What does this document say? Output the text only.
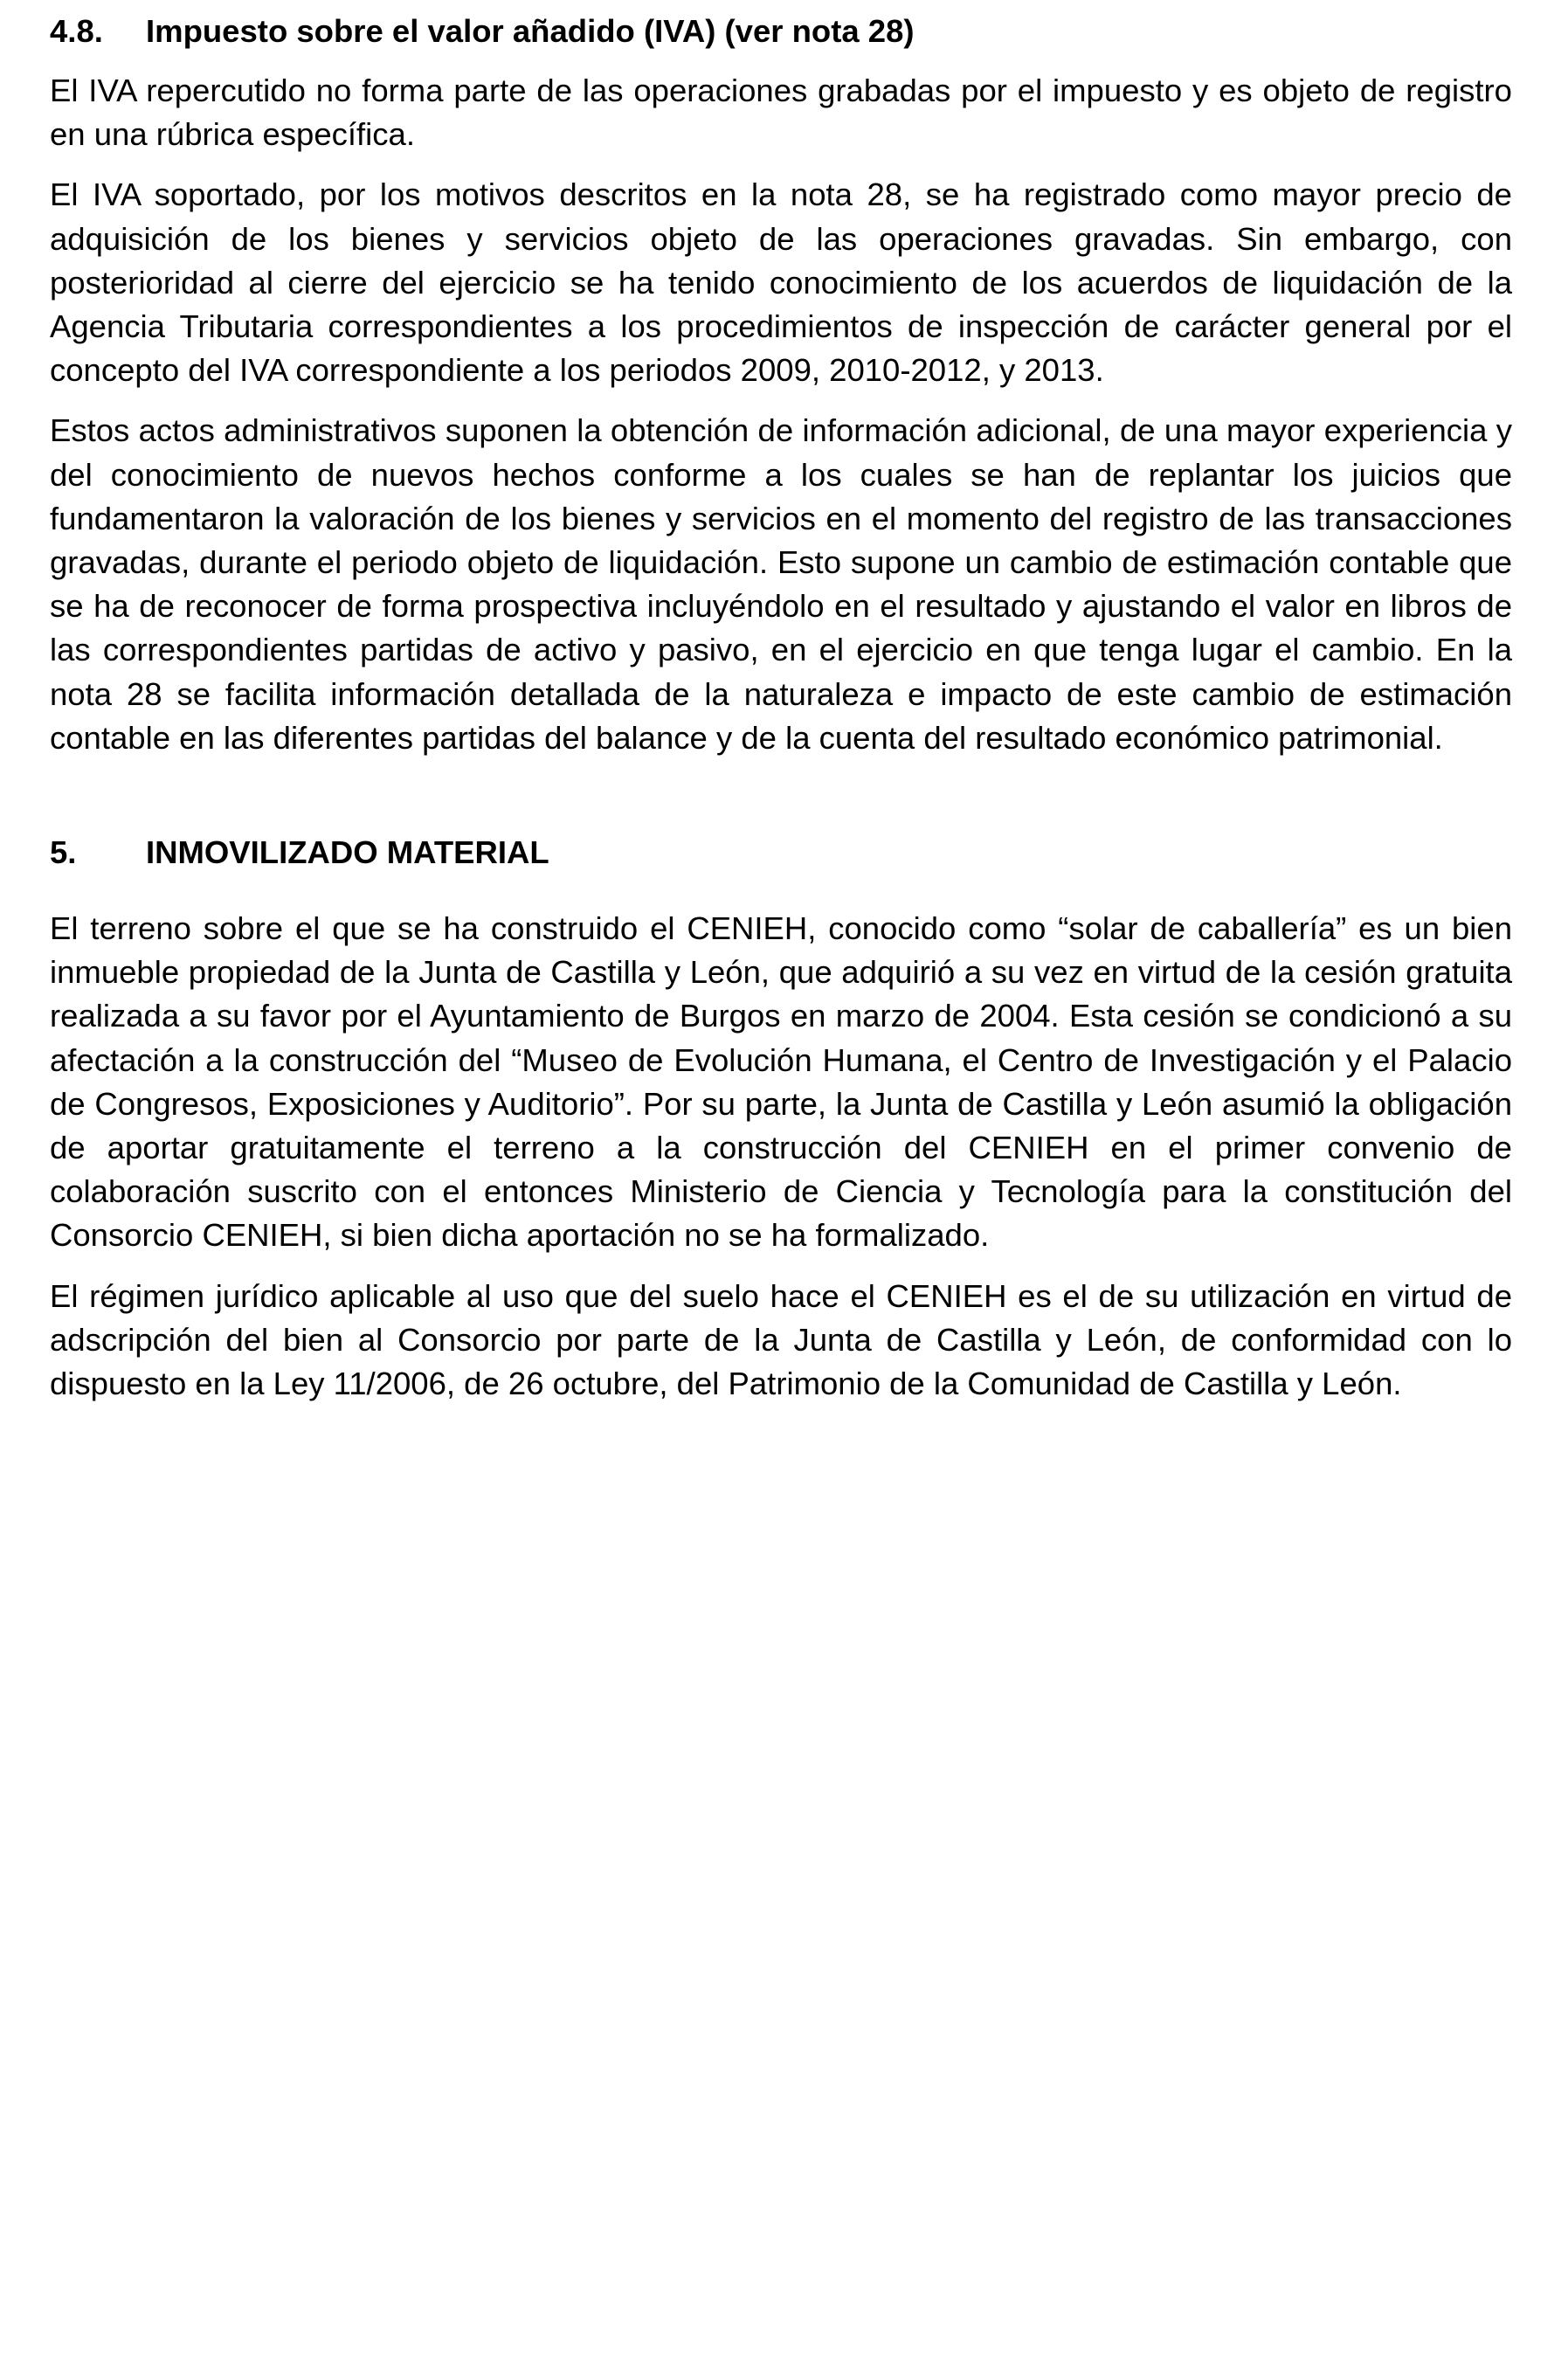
4.8.	Impuesto sobre el valor añadido (IVA) (ver nota 28)

El IVA repercutido no forma parte de las operaciones grabadas por el impuesto y es objeto de registro en una rúbrica específica.

El IVA soportado, por los motivos descritos en la nota 28, se ha registrado como mayor precio de adquisición de los bienes y servicios objeto de las operaciones gravadas. Sin embargo, con posterioridad al cierre del ejercicio se ha tenido conocimiento de los acuerdos de liquidación de la Agencia Tributaria correspondientes a los procedimientos de inspección de carácter general por el concepto del IVA correspondiente a los periodos 2009, 2010-2012, y 2013.

Estos actos administrativos suponen la obtención de información adicional, de una mayor experiencia y del conocimiento de nuevos hechos conforme a los cuales se han de replantar los juicios que fundamentaron la valoración de los bienes y servicios en el momento del registro de las transacciones gravadas, durante el periodo objeto de liquidación. Esto supone un cambio de estimación contable que se ha de reconocer de forma prospectiva incluyéndolo en el resultado y ajustando el valor en libros de las correspondientes partidas de activo y pasivo, en el ejercicio en que tenga lugar el cambio. En la nota 28 se facilita información detallada de la naturaleza e impacto de este cambio de estimación contable en las diferentes partidas del balance y de la cuenta del resultado económico patrimonial.

5.	INMOVILIZADO MATERIAL

El terreno sobre el que se ha construido el CENIEH, conocido como “solar de caballería” es un bien inmueble propiedad de la Junta de Castilla y León, que adquirió a su vez en virtud de la cesión gratuita realizada a su favor por el Ayuntamiento de Burgos en marzo de 2004. Esta cesión se condicionó a su afectación a la construcción del “Museo de Evolución Humana, el Centro de Investigación y el Palacio de Congresos, Exposiciones y Auditorio”. Por su parte, la Junta de Castilla y León asumió la obligación de aportar gratuitamente el terreno a la construcción del CENIEH en el primer convenio de colaboración suscrito con el entonces Ministerio de Ciencia y Tecnología para la constitución del Consorcio CENIEH, si bien dicha aportación no se ha formalizado.

El régimen jurídico aplicable al uso que del suelo hace el CENIEH es el de su utilización en virtud de adscripción del bien al Consorcio por parte de la Junta de Castilla y León, de conformidad con lo dispuesto en la Ley 11/2006, de 26 octubre, del Patrimonio de la Comunidad de Castilla y León.
